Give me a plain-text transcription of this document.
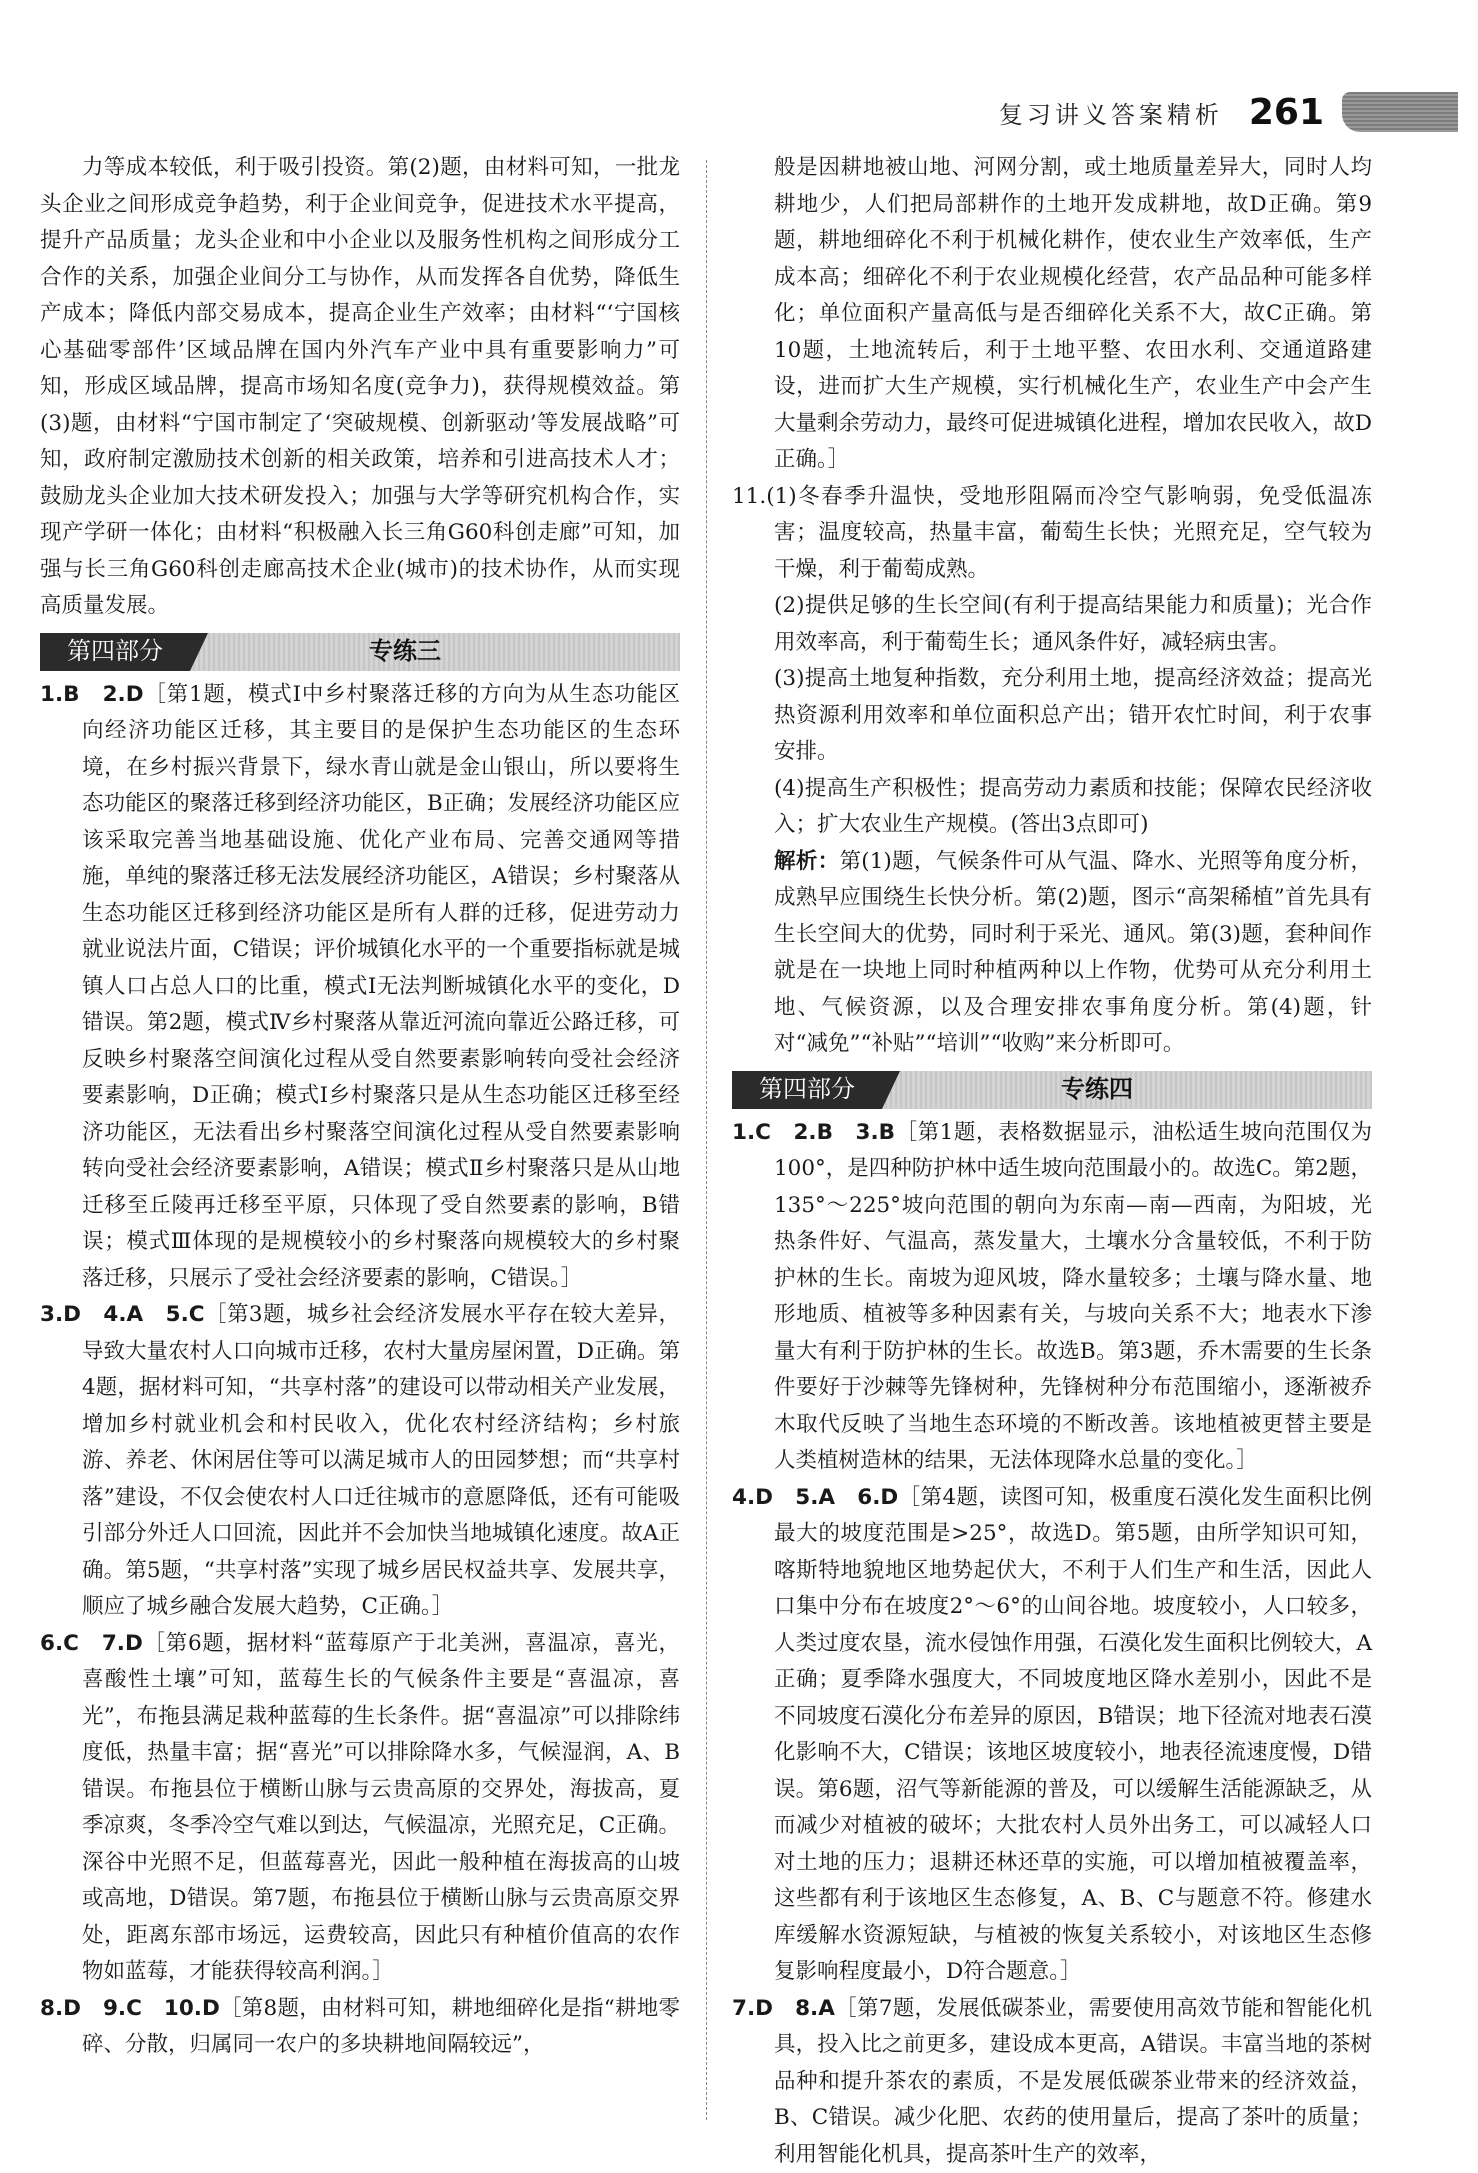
复习讲义答案精析 261

力等成本较低，利于吸引投资。第(2)题，由材料可知，一批龙头企业之间形成竞争趋势，利于企业间竞争，促进技术水平提高，提升产品质量；龙头企业和中小企业以及服务性机构之间形成分工合作的关系，加强企业间分工与协作，从而发挥各自优势，降低生产成本；降低内部交易成本，提高企业生产效率；由材料“‘宁国核心基础零部件’区域品牌在国内外汽车产业中具有重要影响力”可知，形成区域品牌，提高市场知名度(竞争力)，获得规模效益。第(3)题，由材料“宁国市制定了‘突破规模、创新驱动’等发展战略”可知，政府制定激励技术创新的相关政策，培养和引进高技术人才；鼓励龙头企业加大技术研发投入；加强与大学等研究机构合作，实现产学研一体化；由材料“积极融入长三角G60科创走廊”可知，加强与长三角G60科创走廊高技术企业(城市)的技术协作，从而实现高质量发展。

第四部分	专练三

1.B　2.D［第1题，模式Ⅰ中乡村聚落迁移的方向为从生态功能区向经济功能区迁移，其主要目的是保护生态功能区的生态环境，在乡村振兴背景下，绿水青山就是金山银山，所以要将生态功能区的聚落迁移到经济功能区，B正确；发展经济功能区应该采取完善当地基础设施、优化产业布局、完善交通网等措施，单纯的聚落迁移无法发展经济功能区，A错误；乡村聚落从生态功能区迁移到经济功能区是所有人群的迁移，促进劳动力就业说法片面，C错误；评价城镇化水平的一个重要指标就是城镇人口占总人口的比重，模式Ⅰ无法判断城镇化水平的变化，D错误。第2题，模式Ⅳ乡村聚落从靠近河流向靠近公路迁移，可反映乡村聚落空间演化过程从受自然要素影响转向受社会经济要素影响，D正确；模式Ⅰ乡村聚落只是从生态功能区迁移至经济功能区，无法看出乡村聚落空间演化过程从受自然要素影响转向受社会经济要素影响，A错误；模式Ⅱ乡村聚落只是从山地迁移至丘陵再迁移至平原，只体现了受自然要素的影响，B错误；模式Ⅲ体现的是规模较小的乡村聚落向规模较大的乡村聚落迁移，只展示了受社会经济要素的影响，C错误。］

3.D　4.A　5.C［第3题，城乡社会经济发展水平存在较大差异，导致大量农村人口向城市迁移，农村大量房屋闲置，D正确。第4题，据材料可知，“共享村落”的建设可以带动相关产业发展，增加乡村就业机会和村民收入，优化农村经济结构；乡村旅游、养老、休闲居住等可以满足城市人的田园梦想；而“共享村落”建设，不仅会使农村人口迁往城市的意愿降低，还有可能吸引部分外迁人口回流，因此并不会加快当地城镇化速度。故A正确。第5题，“共享村落”实现了城乡居民权益共享、发展共享，顺应了城乡融合发展大趋势，C正确。］

6.C　7.D［第6题，据材料“蓝莓原产于北美洲，喜温凉，喜光，喜酸性土壤”可知，蓝莓生长的气候条件主要是“喜温凉，喜光”，布拖县满足栽种蓝莓的生长条件。据“喜温凉”可以排除纬度低，热量丰富；据“喜光”可以排除降水多，气候湿润，A、B错误。布拖县位于横断山脉与云贵高原的交界处，海拔高，夏季凉爽，冬季冷空气难以到达，气候温凉，光照充足，C正确。深谷中光照不足，但蓝莓喜光，因此一般种植在海拔高的山坡或高地，D错误。第7题，布拖县位于横断山脉与云贵高原交界处，距离东部市场远，运费较高，因此只有种植价值高的农作物如蓝莓，才能获得较高利润。］

8.D　9.C　10.D［第8题，由材料可知，耕地细碎化是指“耕地零碎、分散，归属同一农户的多块耕地间隔较远”，

般是因耕地被山地、河网分割，或土地质量差异大，同时人均耕地少，人们把局部耕作的土地开发成耕地，故D正确。第9题，耕地细碎化不利于机械化耕作，使农业生产效率低，生产成本高；细碎化不利于农业规模化经营，农产品品种可能多样化；单位面积产量高低与是否细碎化关系不大，故C正确。第10题，土地流转后，利于土地平整、农田水利、交通道路建设，进而扩大生产规模，实行机械化生产，农业生产中会产生大量剩余劳动力，最终可促进城镇化进程，增加农民收入，故D正确。］

11.(1)冬春季升温快，受地形阻隔而冷空气影响弱，免受低温冻害；温度较高，热量丰富，葡萄生长快；光照充足，空气较为干燥，利于葡萄成熟。

(2)提供足够的生长空间(有利于提高结果能力和质量)；光合作用效率高，利于葡萄生长；通风条件好，减轻病虫害。

(3)提高土地复种指数，充分利用土地，提高经济效益；提高光热资源利用效率和单位面积总产出；错开农忙时间，利于农事安排。

(4)提高生产积极性；提高劳动力素质和技能；保障农民经济收入；扩大农业生产规模。(答出3点即可)

解析：第(1)题，气候条件可从气温、降水、光照等角度分析，成熟早应围绕生长快分析。第(2)题，图示“高架稀植”首先具有生长空间大的优势，同时利于采光、通风。第(3)题，套种间作就是在一块地上同时种植两种以上作物，优势可从充分利用土地、气候资源，以及合理安排农事角度分析。第(4)题，针对“减免”“补贴”“培训”“收购”来分析即可。

第四部分	专练四

1.C　2.B　3.B［第1题，表格数据显示，油松适生坡向范围仅为100°，是四种防护林中适生坡向范围最小的。故选C。第2题，135°～225°坡向范围的朝向为东南—南—西南，为阳坡，光热条件好、气温高，蒸发量大，土壤水分含量较低，不利于防护林的生长。南坡为迎风坡，降水量较多；土壤与降水量、地形地质、植被等多种因素有关，与坡向关系不大；地表水下渗量大有利于防护林的生长。故选B。第3题，乔木需要的生长条件要好于沙棘等先锋树种，先锋树种分布范围缩小，逐渐被乔木取代反映了当地生态环境的不断改善。该地植被更替主要是人类植树造林的结果，无法体现降水总量的变化。］

4.D　5.A　6.D［第4题，读图可知，极重度石漠化发生面积比例最大的坡度范围是>25°，故选D。第5题，由所学知识可知，喀斯特地貌地区地势起伏大，不利于人们生产和生活，因此人口集中分布在坡度2°～6°的山间谷地。坡度较小，人口较多，人类过度农垦，流水侵蚀作用强，石漠化发生面积比例较大，A正确；夏季降水强度大，不同坡度地区降水差别小，因此不是不同坡度石漠化分布差异的原因，B错误；地下径流对地表石漠化影响不大，C错误；该地区坡度较小，地表径流速度慢，D错误。第6题，沼气等新能源的普及，可以缓解生活能源缺乏，从而减少对植被的破坏；大批农村人员外出务工，可以减轻人口对土地的压力；退耕还林还草的实施，可以增加植被覆盖率，这些都有利于该地区生态修复，A、B、C与题意不符。修建水库缓解水资源短缺，与植被的恢复关系较小，对该地区生态修复影响程度最小，D符合题意。］

7.D　8.A［第7题，发展低碳茶业，需要使用高效节能和智能化机具，投入比之前更多，建设成本更高，A错误。丰富当地的茶树品种和提升茶农的素质，不是发展低碳茶业带来的经济效益，B、C错误。减少化肥、农药的使用量后，提高了茶叶的质量；利用智能化机具，提高茶叶生产的效率，
